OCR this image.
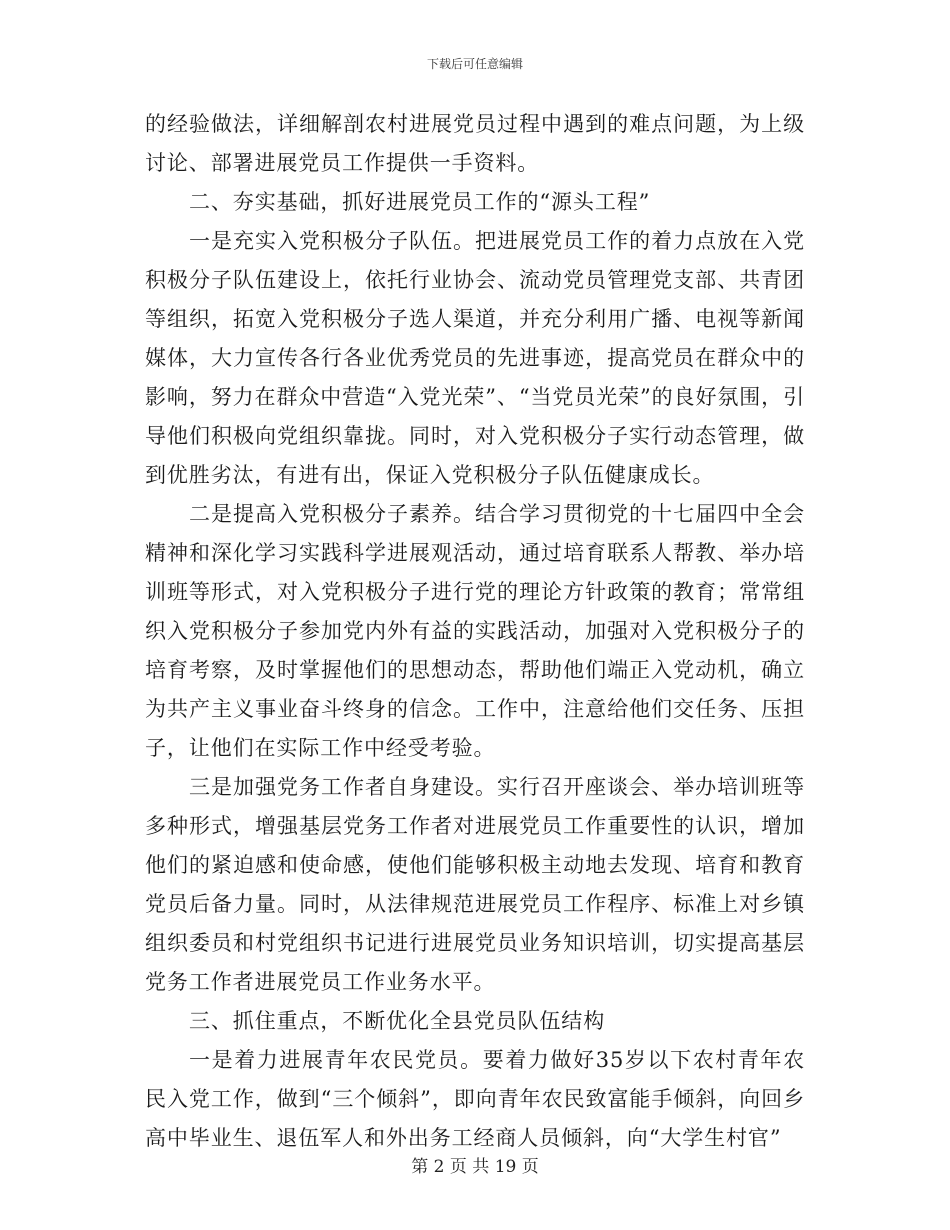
下载后可任意编辑

的经验做法，详细解剖农村进展党员过程中遇到的难点问题，为上级讨论、部署进展党员工作提供一手资料。

二、夯实基础，抓好进展党员工作的“源头工程”

一是充实入党积极分子队伍。把进展党员工作的着力点放在入党积极分子队伍建设上，依托行业协会、流动党员管理党支部、共青团等组织，拓宽入党积极分子选人渠道，并充分利用广播、电视等新闻媒体，大力宣传各行各业优秀党员的先进事迹，提高党员在群众中的影响，努力在群众中营造“入党光荣”、“当党员光荣”的良好氛围，引导他们积极向党组织靠拢。同时，对入党积极分子实行动态管理，做到优胜劣汰，有进有出，保证入党积极分子队伍健康成长。

二是提高入党积极分子素养。结合学习贯彻党的十七届四中全会精神和深化学习实践科学进展观活动，通过培育联系人帮教、举办培训班等形式，对入党积极分子进行党的理论方针政策的教育；常常组织入党积极分子参加党内外有益的实践活动，加强对入党积极分子的培育考察，及时掌握他们的思想动态，帮助他们端正入党动机，确立为共产主义事业奋斗终身的信念。工作中，注意给他们交任务、压担子，让他们在实际工作中经受考验。

三是加强党务工作者自身建设。实行召开座谈会、举办培训班等多种形式，增强基层党务工作者对进展党员工作重要性的认识，增加他们的紧迫感和使命感，使他们能够积极主动地去发现、培育和教育党员后备力量。同时，从法律规范进展党员工作程序、标准上对乡镇组织委员和村党组织书记进行进展党员业务知识培训，切实提高基层党务工作者进展党员工作业务水平。

三、抓住重点，不断优化全县党员队伍结构

一是着力进展青年农民党员。要着力做好35岁以下农村青年农民入党工作，做到“三个倾斜”，即向青年农民致富能手倾斜，向回乡高中毕业生、退伍军人和外出务工经商人员倾斜，向“大学生村官”

第 2 页 共 19 页
